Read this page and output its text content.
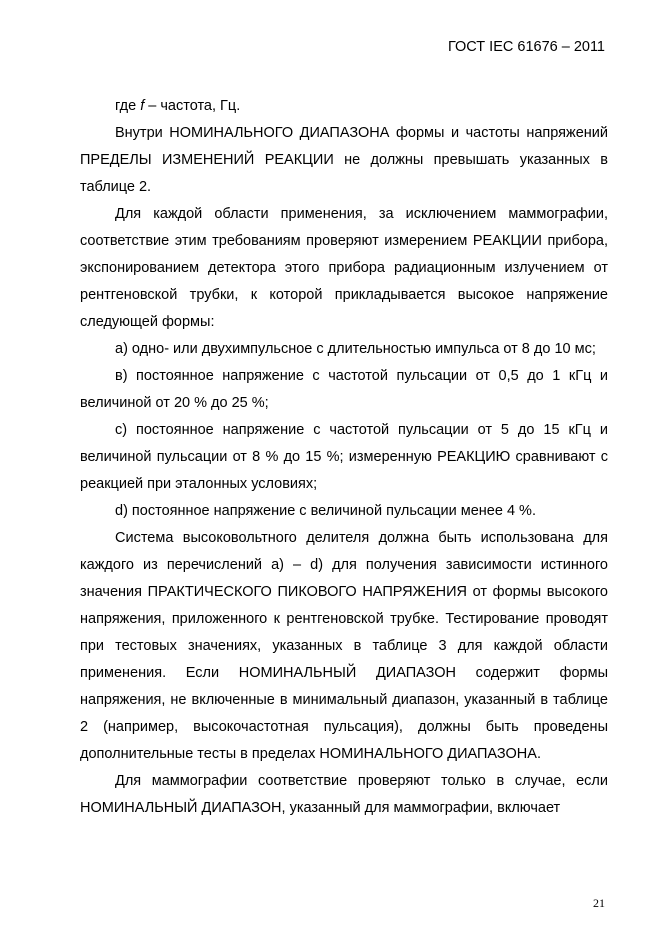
ГОСТ IEC 61676 – 2011

где f – частота, Гц.

Внутри НОМИНАЛЬНОГО ДИАПАЗОНА формы и частоты напряжений ПРЕДЕЛЫ ИЗМЕНЕНИЙ РЕАКЦИИ не должны превышать указанных в таблице 2.

Для каждой области применения, за исключением маммографии, соответствие этим требованиям проверяют измерением РЕАКЦИИ прибора, экспонированием детектора этого прибора радиационным излучением от рентгеновской трубки, к которой прикладывается высокое напряжение следующей формы:

а) одно- или двухимпульсное с длительностью импульса от 8 до 10 мс;

в) постоянное напряжение с частотой пульсации от 0,5 до 1 кГц и величиной от 20 % до 25 %;

с) постоянное напряжение с частотой пульсации от 5 до 15 кГц и величиной пульсации от 8 % до 15 %; измеренную РЕАКЦИЮ сравнивают с реакцией при эталонных условиях;

d) постоянное напряжение с величиной пульсации менее 4 %.

Система высоковольтного делителя должна быть использована для каждого из перечислений а) – d) для получения зависимости истинного значения ПРАКТИЧЕСКОГО ПИКОВОГО НАПРЯЖЕНИЯ от формы высокого напряжения, приложенного к рентгеновской трубке. Тестирование проводят при тестовых значениях, указанных в таблице 3 для каждой области применения. Если НОМИНАЛЬНЫЙ ДИАПАЗОН содержит формы напряжения, не включенные в минимальный диапазон, указанный в таблице 2 (например, высокочастотная пульсация), должны быть проведены дополнительные тесты в пределах НОМИНАЛЬНОГО ДИАПАЗОНА.

Для маммографии соответствие проверяют только в случае, если НОМИНАЛЬНЫЙ ДИАПАЗОН, указанный для маммографии, включает

21
